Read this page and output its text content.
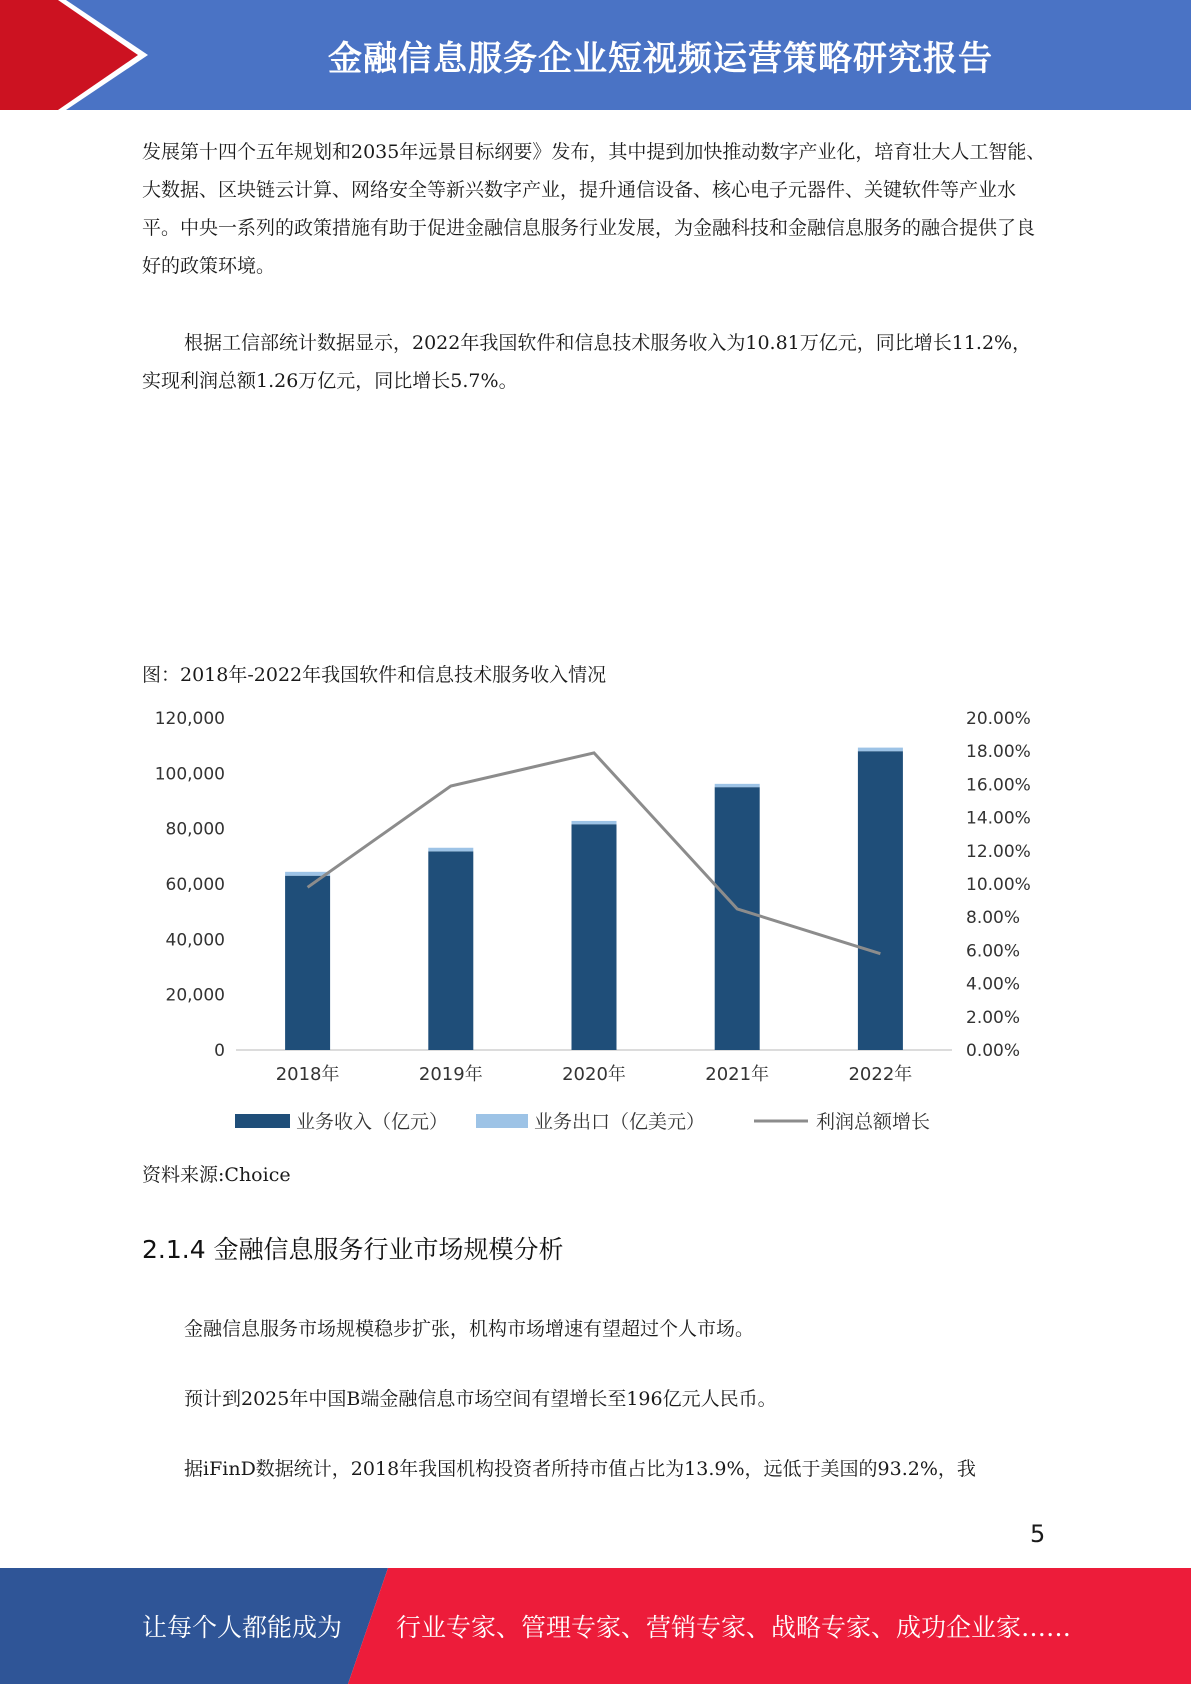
金融信息服务企业短视频运营策略研究报告

发展第十四个五年规划和2035年远景目标纲要》发布，其中提到加快推动数字产业化，培育壮大人工智能、大数据、区块链云计算、网络安全等新兴数字产业，提升通信设备、核心电子元器件、关键软件等产业水平。中央一系列的政策措施有助于促进金融信息服务行业发展，为金融科技和金融信息服务的融合提供了良好的政策环境。

根据工信部统计数据显示，2022年我国软件和信息技术服务收入为10.81万亿元，同比增长11.2%，实现利润总额1.26万亿元，同比增长5.7%。

图：2018年-2022年我国软件和信息技术服务收入情况
0
20,000
40,000
60,000
80,000
100,000
120,000
0.00%
2.00%
4.00%
6.00%
8.00%
10.00%
12.00%
14.00%
16.00%
18.00%
20.00%
2018年	2019年	2020年	2021年	2022年
业务收入（亿元）	业务出口（亿美元）	利润总额增长
资料来源:Choice
2.1.4 金融信息服务行业市场规模分析

金融信息服务市场规模稳步扩张，机构市场增速有望超过个人市场。

预计到2025年中国B端金融信息市场空间有望增长至196亿元人民币。

据iFinD数据统计，2018年我国机构投资者所持市值占比为13.9%，远低于美国的93.2%，我

5
让每个人都能成为 行业专家、管理专家、营销专家、战略专家、成功企业家……
